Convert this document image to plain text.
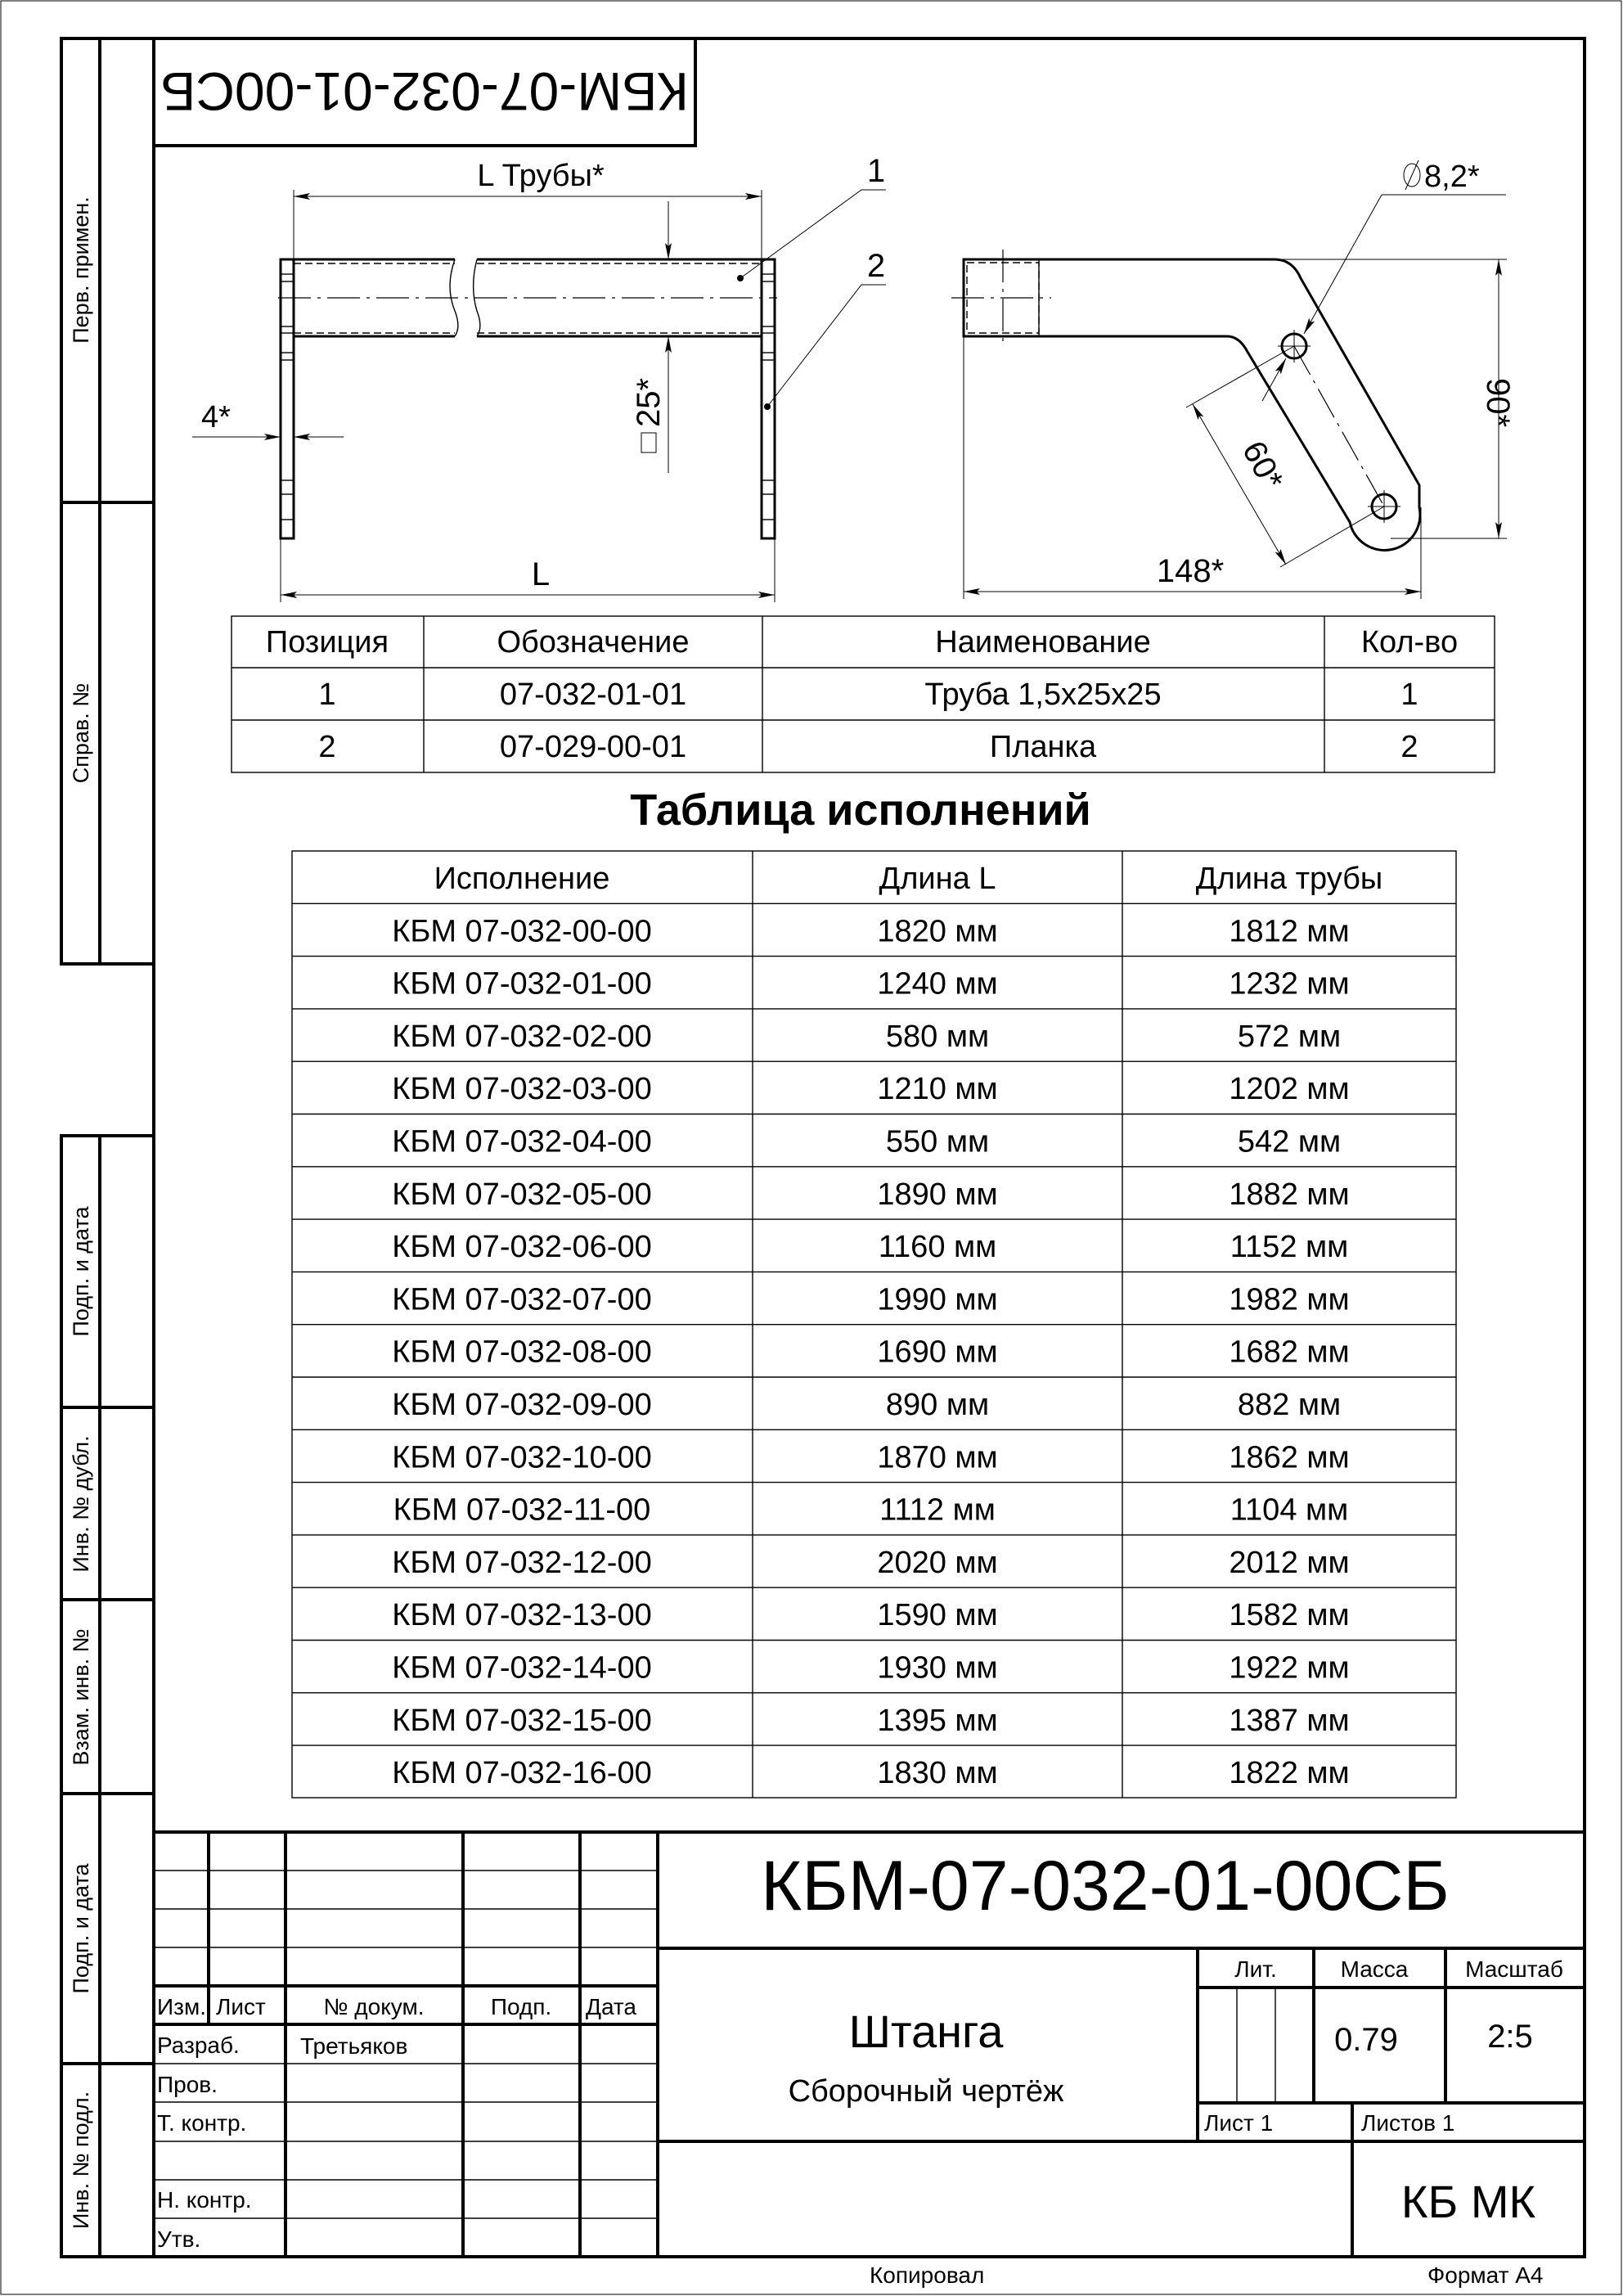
Перв. примен.
Справ. №
Подп. и дата
Инв. № дубл.
Взам. инв. №
Подп. и дата
Инв. № подл.
КБМ-07-032-01-00СБ
L Трубы*
L
4*	25*
1
2
8,2*
90*
148*
60*
Позиция	Обозначение	Наименование	Кол-во
1	07-032-01-01	Труба 1,5х25х25	1
2	07-029-00-01	Планка	2
Таблица исполнений
Исполнение	Длина L	Длина трубы
КБМ 07-032-00-00	1820 мм	1812 мм
КБМ 07-032-01-00	1240 мм	1232 мм
КБМ 07-032-02-00	580 мм	572 мм
КБМ 07-032-03-00	1210 мм	1202 мм
КБМ 07-032-04-00	550 мм	542 мм
КБМ 07-032-05-00	1890 мм	1882 мм
КБМ 07-032-06-00	1160 мм	1152 мм
КБМ 07-032-07-00	1990 мм	1982 мм
КБМ 07-032-08-00	1690 мм	1682 мм
КБМ 07-032-09-00	890 мм	882 мм
КБМ 07-032-10-00	1870 мм	1862 мм
КБМ 07-032-11-00	1112 мм	1104 мм
КБМ 07-032-12-00	2020 мм	2012 мм
КБМ 07-032-13-00	1590 мм	1582 мм
КБМ 07-032-14-00	1930 мм	1922 мм
КБМ 07-032-15-00	1395 мм	1387 мм
КБМ 07-032-16-00	1830 мм	1822 мм
Изм. Лист	№ докум.	Подп. Дата
Разраб.	Третьяков
Пров.
Т. контр.
Н. контр.
Утв.
КБМ-07-032-01-00СБ
Штанга
Сборочный чертёж
Лит.	Масса Масштаб
0.79	2:5
Лист 1	Листов 1
КБ МК
Копировал	Формат А4
